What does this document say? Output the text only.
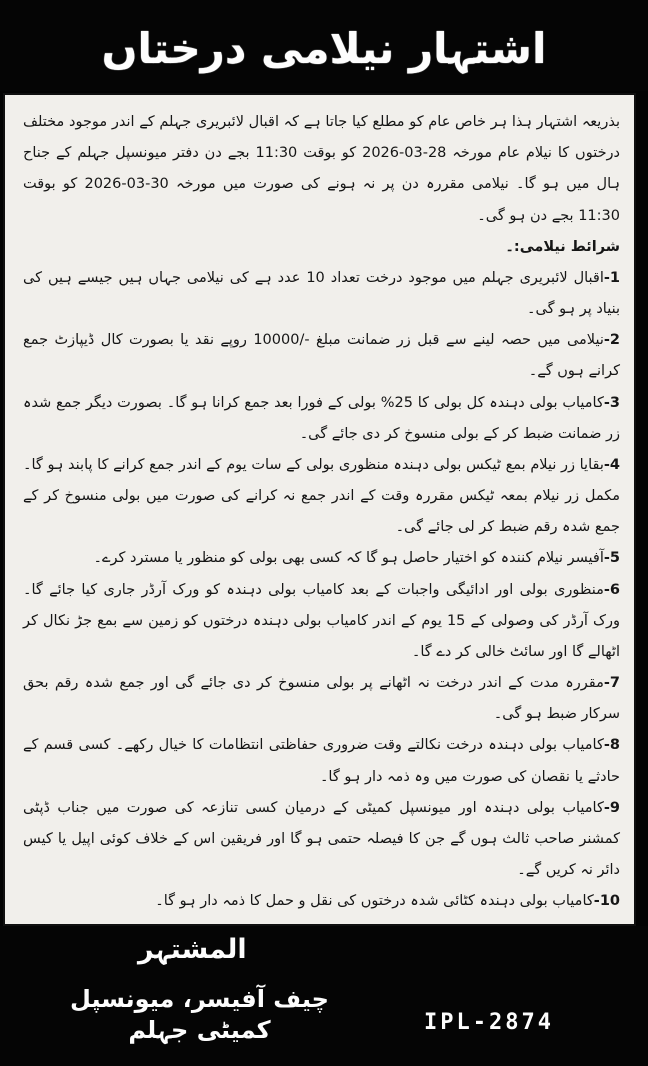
اشتہار نیلامی درختاں

بذریعہ اشتہار ہذا ہر خاص عام کو مطلع کیا جاتا ہے کہ اقبال لائبریری جہلم کے اندر موجود مختلف درختوں کا نیلام عام مورخہ 28-03-2026 کو بوقت 11:30 بجے دن دفتر میونسپل جہلم کے جناح ہال میں ہو گا۔ نیلامی مقررہ دن پر نہ ہونے کی صورت میں مورخہ 30-03-2026 کو بوقت 11:30 بجے دن ہو گی۔

شرائط نیلامی:۔

1-اقبال لائبریری جہلم میں موجود درخت تعداد 10 عدد ہے کی نیلامی جہاں ہیں جیسے ہیں کی بنیاد پر ہو گی۔

2-نیلامی میں حصہ لینے سے قبل زر ضمانت مبلغ ‎10000/-‎ روپے نقد یا بصورت کال ڈیپازٹ جمع کرانے ہوں گے۔

3-کامیاب بولی دہندہ کل بولی کا 25% بولی کے فورا بعد جمع کرانا ہو گا۔ بصورت دیگر جمع شدہ زر ضمانت ضبط کر کے بولی منسوخ کر دی جائے گی۔

4-بقایا زر نیلام بمع ٹیکس بولی دہندہ منظوری بولی کے سات یوم کے اندر جمع کرانے کا پابند ہو گا۔ مکمل زر نیلام بمعہ ٹیکس مقررہ وقت کے اندر جمع نہ کرانے کی صورت میں بولی منسوخ کر کے جمع شدہ رقم ضبط کر لی جائے گی۔

5-آفیسر نیلام کنندہ کو اختیار حاصل ہو گا کہ کسی بھی بولی کو منظور یا مسترد کرے۔

6-منظوری بولی اور ادائیگی واجبات کے بعد کامیاب بولی دہندہ کو ورک آرڈر جاری کیا جائے گا۔ ورک آرڈر کی وصولی کے 15 یوم کے اندر کامیاب بولی دہندہ درختوں کو زمین سے بمع جڑ نکال کر اٹھالے گا اور سائٹ خالی کر دے گا۔

7-مقررہ مدت کے اندر درخت نہ اٹھانے پر بولی منسوخ کر دی جائے گی اور جمع شدہ رقم بحق سرکار ضبط ہو گی۔

8-کامیاب بولی دہندہ درخت نکالتے وقت ضروری حفاظتی انتظامات کا خیال رکھے۔ کسی قسم کے حادثے یا نقصان کی صورت میں وہ ذمہ دار ہو گا۔

9-کامیاب بولی دہندہ اور میونسپل کمیٹی کے درمیان کسی تنازعہ کی صورت میں جناب ڈپٹی کمشنر صاحب ثالث ہوں گے جن کا فیصلہ حتمی ہو گا اور فریقین اس کے خلاف کوئی اپیل یا کیس دائر نہ کریں گے۔

10-کامیاب بولی دہندہ کٹائی شدہ درختوں کی نقل و حمل کا ذمہ دار ہو گا۔

المشتہر
چیف آفیسر، میونسپل کمیٹی جہلم	IPL-2874
